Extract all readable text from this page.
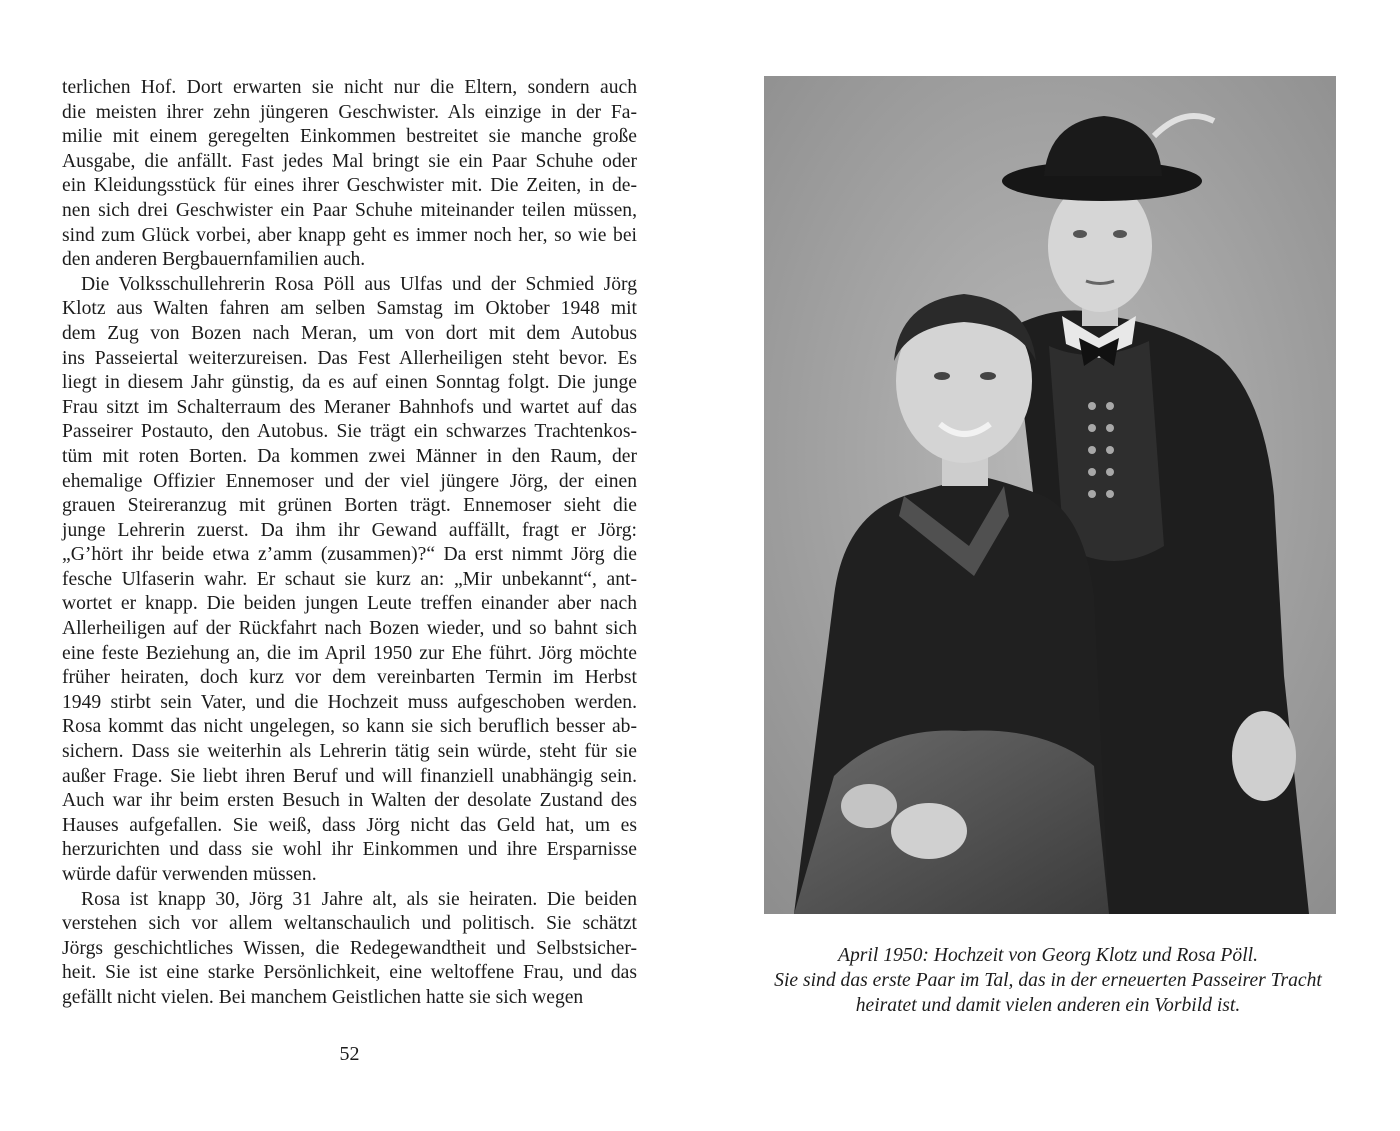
terlichen Hof. Dort erwarten sie nicht nur die Eltern, sondern auch
die meisten ihrer zehn jüngeren Geschwister. Als einzige in der Fa-
milie mit einem geregelten Einkommen bestreitet sie manche große
Ausgabe, die anfällt. Fast jedes Mal bringt sie ein Paar Schuhe oder
ein Kleidungsstück für eines ihrer Geschwister mit. Die Zeiten, in de-
nen sich drei Geschwister ein Paar Schuhe miteinander teilen müssen,
sind zum Glück vorbei, aber knapp geht es immer noch her, so wie bei
den anderen Bergbauernfamilien auch.
Die Volksschullehrerin Rosa Pöll aus Ulfas und der Schmied Jörg
Klotz aus Walten fahren am selben Samstag im Oktober 1948 mit
dem Zug von Bozen nach Meran, um von dort mit dem Autobus
ins Passeiertal weiterzureisen. Das Fest Allerheiligen steht bevor. Es
liegt in diesem Jahr günstig, da es auf einen Sonntag folgt. Die junge
Frau sitzt im Schalterraum des Meraner Bahnhofs und wartet auf das
Passeirer Postauto, den Autobus. Sie trägt ein schwarzes Trachtenkos-
tüm mit roten Borten. Da kommen zwei Männer in den Raum, der
ehemalige Offizier Ennemoser und der viel jüngere Jörg, der einen
grauen Steireranzug mit grünen Borten trägt. Ennemoser sieht die
junge Lehrerin zuerst. Da ihm ihr Gewand auffällt, fragt er Jörg:
„G’hört ihr beide etwa z’amm (zusammen)?“ Da erst nimmt Jörg die
fesche Ulfaserin wahr. Er schaut sie kurz an: „Mir unbekannt“, ant-
wortet er knapp. Die beiden jungen Leute treffen einander aber nach
Allerheiligen auf der Rückfahrt nach Bozen wieder, und so bahnt sich
eine feste Beziehung an, die im April 1950 zur Ehe führt. Jörg möchte
früher heiraten, doch kurz vor dem vereinbarten Termin im Herbst
1949 stirbt sein Vater, und die Hochzeit muss aufgeschoben werden.
Rosa kommt das nicht ungelegen, so kann sie sich beruflich besser ab-
sichern. Dass sie weiterhin als Lehrerin tätig sein würde, steht für sie
außer Frage. Sie liebt ihren Beruf und will finanziell unabhängig sein.
Auch war ihr beim ersten Besuch in Walten der desolate Zustand des
Hauses aufgefallen. Sie weiß, dass Jörg nicht das Geld hat, um es
herzurichten und dass sie wohl ihr Einkommen und ihre Ersparnisse
würde dafür verwenden müssen.
Rosa ist knapp 30, Jörg 31 Jahre alt, als sie heiraten. Die beiden
verstehen sich vor allem weltanschaulich und politisch. Sie schätzt
Jörgs geschichtliches Wissen, die Redegewandtheit und Selbstsicher-
heit. Sie ist eine starke Persönlichkeit, eine weltoffene Frau, und das
gefällt nicht vielen. Bei manchem Geistlichen hatte sie sich wegen
52
April 1950: Hochzeit von Georg Klotz und Rosa Pöll.
Sie sind das erste Paar im Tal, das in der erneuerten Passeirer Tracht
heiratet und damit vielen anderen ein Vorbild ist.
